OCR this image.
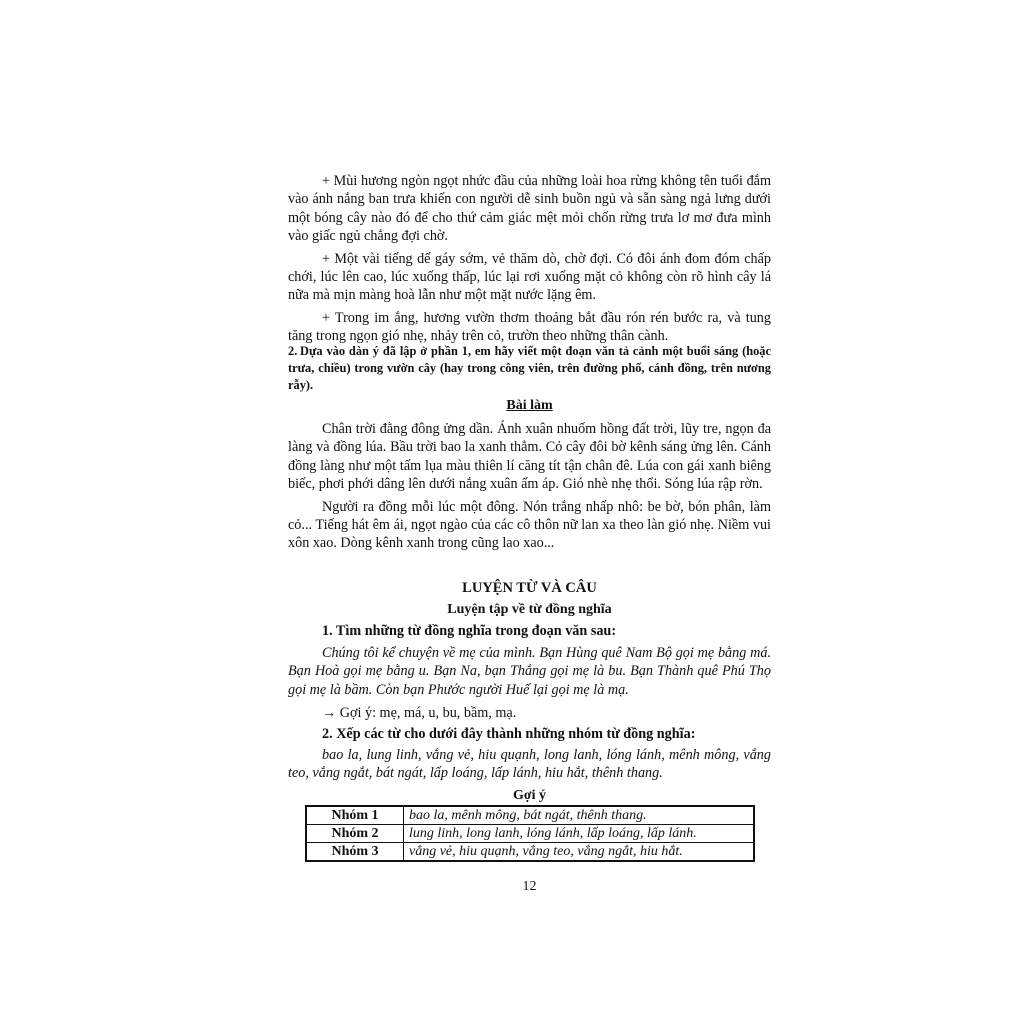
+ Mùi hương ngòn ngọt nhức đầu của những loài hoa rừng không tên tuổi đắm vào ánh nắng ban trưa khiến con người dễ sinh buồn ngủ và sẵn sàng ngả lưng dưới một bóng cây nào đó để cho thứ cảm giác mệt mỏi chốn rừng trưa lơ mơ đưa mình vào giấc ngủ chẳng đợi chờ.

+ Một vài tiếng dế gáy sớm, vẻ thăm dò, chờ đợi. Có đôi ánh đom đóm chấp chới, lúc lên cao, lúc xuống thấp, lúc lại rơi xuống mặt cỏ không còn rõ hình cây lá nữa mà mịn màng hoà lẫn như một mặt nước lặng êm.

+ Trong im ắng, hương vườn thơm thoảng bắt đầu rón rén bước ra, và tung tăng trong ngọn gió nhẹ, nhảy trên cỏ, trườn theo những thân cành.

2. Dựa vào dàn ý đã lập ở phần 1, em hãy viết một đoạn văn tả cảnh một buổi sáng (hoặc trưa, chiều) trong vườn cây (hay trong công viên, trên đường phố, cánh đồng, trên nương rẫy).
Bài làm

Chân trời đằng đông ửng dần. Ánh xuân nhuốm hồng đất trời, lũy tre, ngọn đa làng và đồng lúa. Bầu trời bao la xanh thẳm. Cỏ cây đôi bờ kênh sáng ửng lên. Cánh đồng làng như một tấm lụa màu thiên lí căng tít tận chân đê. Lúa con gái xanh biêng biếc, phơi phới dâng lên dưới nắng xuân ấm áp. Gió nhè nhẹ thổi. Sóng lúa rập rờn.

Người ra đồng mỗi lúc một đông. Nón trắng nhấp nhô: be bờ, bón phân, làm cỏ... Tiếng hát êm ái, ngọt ngào của các cô thôn nữ lan xa theo làn gió nhẹ. Niềm vui xôn xao. Dòng kênh xanh trong cũng lao xao...

LUYỆN TỪ VÀ CÂU
Luyện tập về từ đồng nghĩa
1. Tìm những từ đồng nghĩa trong đoạn văn sau:

Chúng tôi kể chuyện về mẹ của mình. Bạn Hùng quê Nam Bộ gọi mẹ bằng má. Bạn Hoà gọi mẹ bằng u. Bạn Na, bạn Thắng gọi mẹ là bu. Bạn Thành quê Phú Thọ gọi mẹ là bầm. Còn bạn Phước người Huế lại gọi mẹ là mạ.

→ Gợi ý: mẹ, má, u, bu, bầm, mạ.
2. Xếp các từ cho dưới đây thành những nhóm từ đồng nghĩa:

bao la, lung linh, vắng vẻ, hiu quạnh, long lanh, lóng lánh, mênh mông, vắng teo, vắng ngắt, bát ngát, lấp loáng, lấp lánh, hiu hắt, thênh thang.

Gợi ý
Nhóm 1	bao la, mênh mông, bát ngát, thênh thang.
Nhóm 2	lung linh, long lanh, lóng lánh, lấp loáng, lấp lánh.
Nhóm 3	vắng vẻ, hiu quạnh, vắng teo, vắng ngắt, hiu hắt.
12
